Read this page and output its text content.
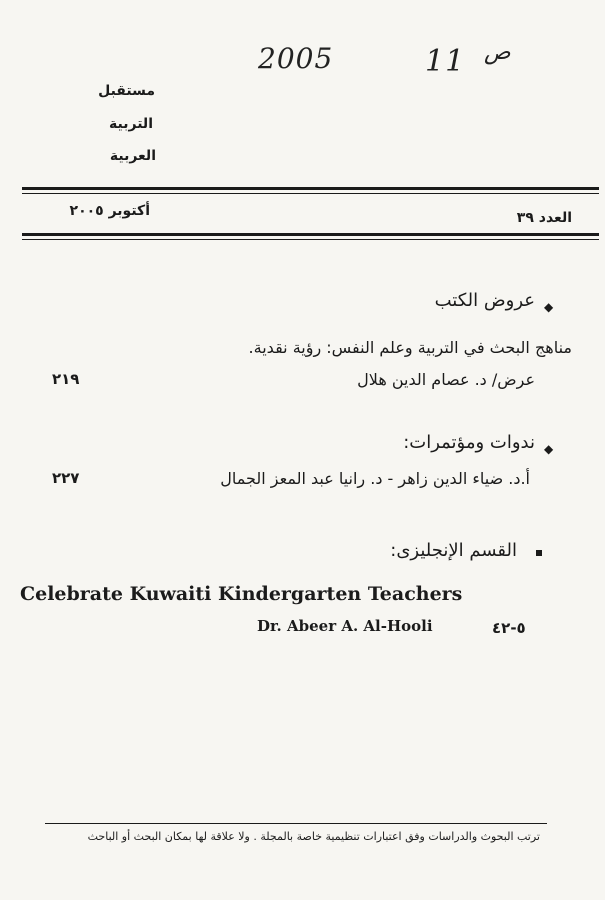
2005	11 ص
مستقبل
التربية
العربية
العدد ٣٩
أكتوبر ٢٠٠٥
◆
عروض الكتب
مناهج البحث في التربية وعلم النفس: رؤية نقدية.
عرض/ د. عصام الدين هلال
٢١٩
◆
ندوات ومؤتمرات:
أ.د. ضياء الدين زاهر - د. رانيا عبد المعز الجمال
٢٢٧
القسم الإنجليزى:
Celebrate Kuwaiti Kindergarten Teachers
Dr. Abeer A. Al-Hooli	٥-٤٢
ترتب البحوث والدراسات وفق اعتبارات تنظيمية خاصة بالمجلة . ولا علاقة لها بمكان البحث أو الباحث
